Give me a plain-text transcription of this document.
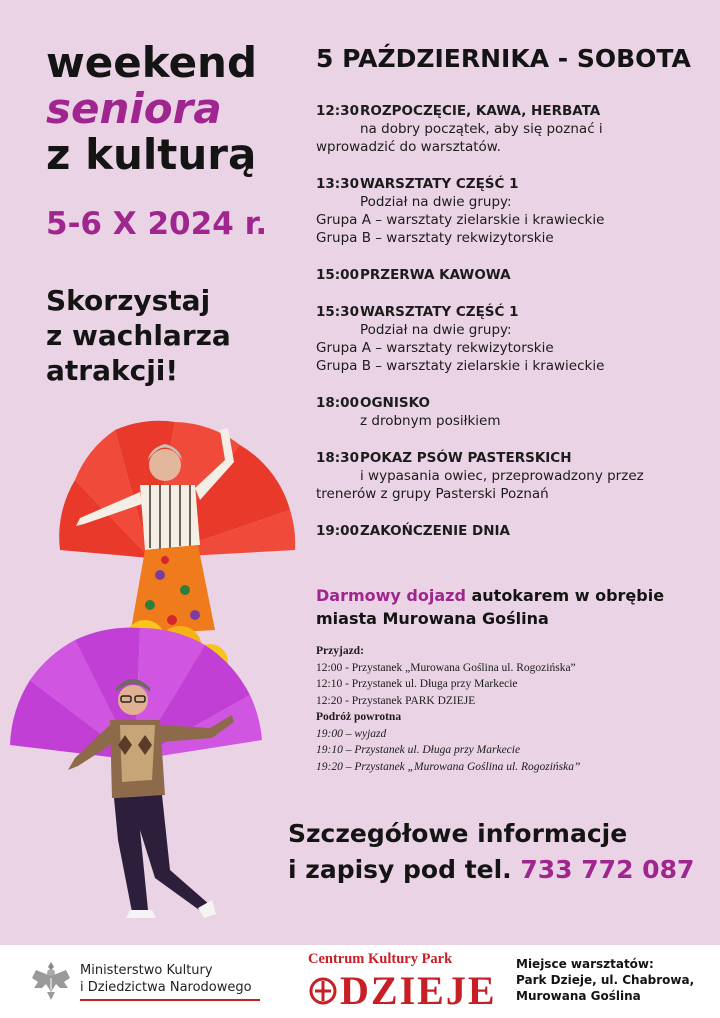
weekend
seniora
z kulturą
5-6 X 2024 r.
Skorzystaj
z wachlarza
atrakcji!
5 PAŹDZIERNIKA - SOBOTA
12:30ROZPOCZĘCIE, KAWA, HERBATA
na dobry początek, aby się poznać i
wprowadzić do warsztatów.
13:30WARSZTATY CZĘŚĆ 1
Podział na dwie grupy:
Grupa A – warsztaty zielarskie i krawieckie
Grupa B – warsztaty rekwizytorskie
15:00PRZERWA KAWOWA
15:30WARSZTATY CZĘŚĆ 1
Podział na dwie grupy:
Grupa A – warsztaty rekwizytorskie
Grupa B – warsztaty zielarskie i krawieckie
18:00OGNISKO
z drobnym posiłkiem
18:30POKAZ PSÓW PASTERSKICH
i wypasania owiec, przeprowadzony przez
trenerów z grupy Pasterski Poznań
19:00ZAKOŃCZENIE DNIA
Darmowy dojazd autokarem w obrębie
miasta Murowana Goślina
Przyjazd:
12:00 - Przystanek „Murowana Goślina ul. Rogozińska”
12:10 - Przystanek ul. Długa przy Markecie
12:20 - Przystanek PARK DZIEJE
Podróż powrotna
19:00 – wyjazd
19:10 – Przystanek ul. Długa przy Markecie
19:20 – Przystanek „Murowana Goślina ul. Rogozińska”
Szczegółowe informacje
i zapisy pod tel. 733 772 087
Ministerstwo Kultury
i Dziedzictwa Narodowego
Centrum Kultury Park
DZIEJE
Miejsce warsztatów:
Park Dzieje, ul. Chabrowa,
Murowana Goślina
